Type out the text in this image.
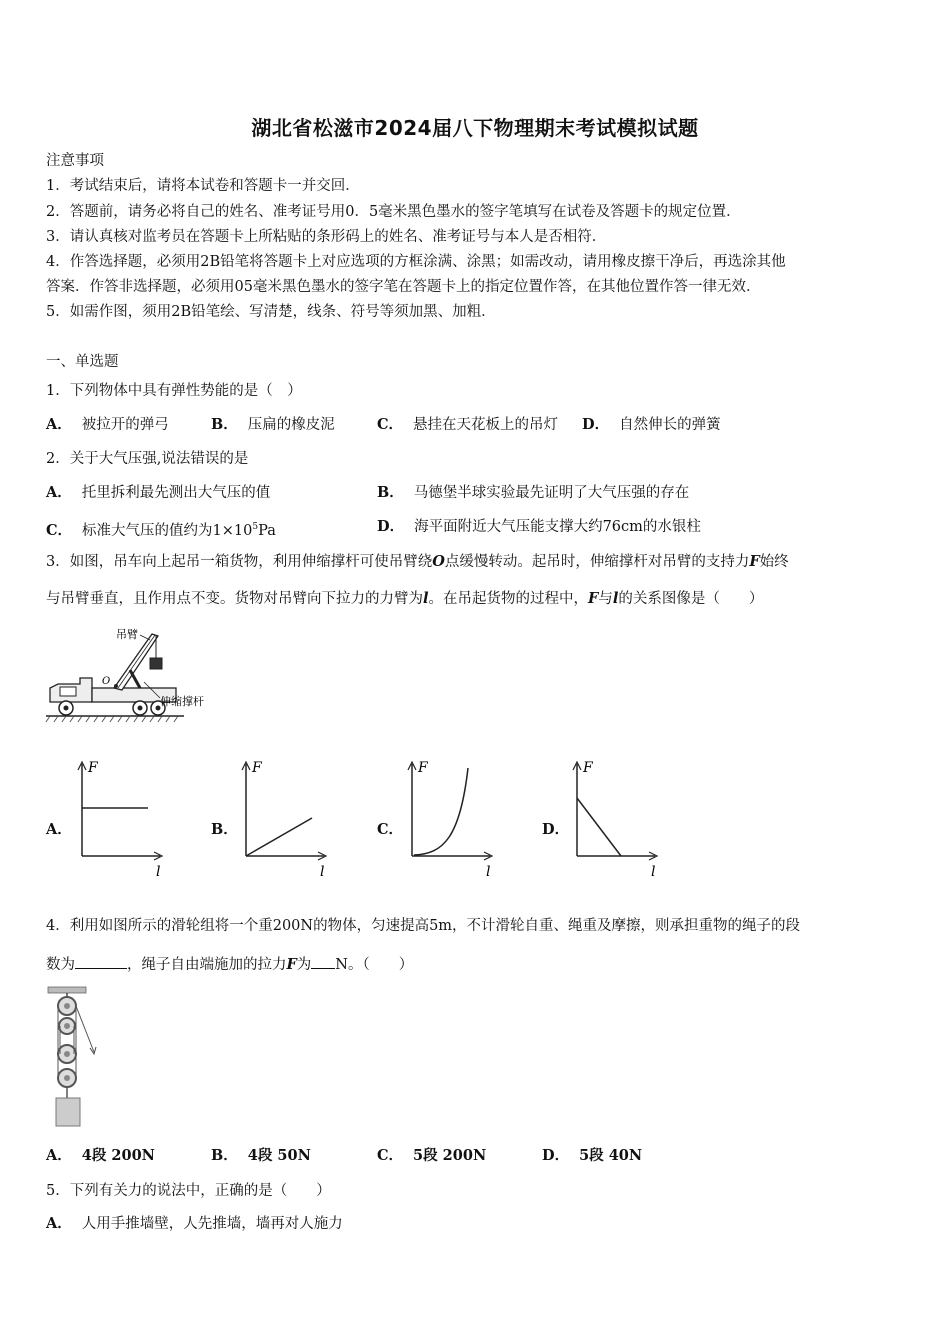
湖北省松滋市2024届八下物理期末考试模拟试题
注意事项
1．考试结束后，请将本试卷和答题卡一并交回．
2．答题前，请务必将自己的姓名、准考证号用0．5毫米黑色墨水的签字笔填写在试卷及答题卡的规定位置．
3．请认真核对监考员在答题卡上所粘贴的条形码上的姓名、准考证号与本人是否相符．
4．作答选择题，必须用2B铅笔将答题卡上对应选项的方框涂满、涂黑；如需改动，请用橡皮擦干净后，再选涂其他
答案．作答非选择题，必须用05毫米黑色墨水的签字笔在答题卡上的指定位置作答，在其他位置作答一律无效．
5．如需作图，须用2B铅笔绘、写清楚，线条、符号等须加黑、加粗．
一、单选题
1．下列物体中具有弹性势能的是（　）
A． 被拉开的弹弓	B． 压扁的橡皮泥	C． 悬挂在天花板上的吊灯 D． 自然伸长的弹簧
2．关于大气压强,说法错误的是
A． 托里拆利最先测出大气压的值	B． 马德堡半球实验最先证明了大气压强的存在
C． 标准大气压的值约为$1\times 10^5Pa$	D． 海平面附近大气压能支撑大约76cm的水银柱
3．如图，吊车向上起吊一箱货物，利用伸缩撑杆可使吊臂绕O点缓慢转动。起吊时，伸缩撑杆对吊臂的支持力F始终
与吊臂垂直，且作用点不变。货物对吊臂向下拉力的力臂为l。在吊起货物的过程中，F与l的关系图像是（　　）
O
吊臂
伸缩撑杆
A．	B．	C．	D．
F
l
F
l
F
l
F
l
4．利用如图所示的滑轮组将一个重200N的物体，匀速提高5m，不计滑轮自重、绳重及摩擦，则承担重物的绳子的段
数为	，绳子自由端施加的拉力F为 N。（　　）
A． 4段 200N	B． 4段 50N	C． 5段 200N	D． 5段 40N
5．下列有关力的说法中，正确的是（　　）
A． 人用手推墙壁，人先推墙，墙再对人施力
